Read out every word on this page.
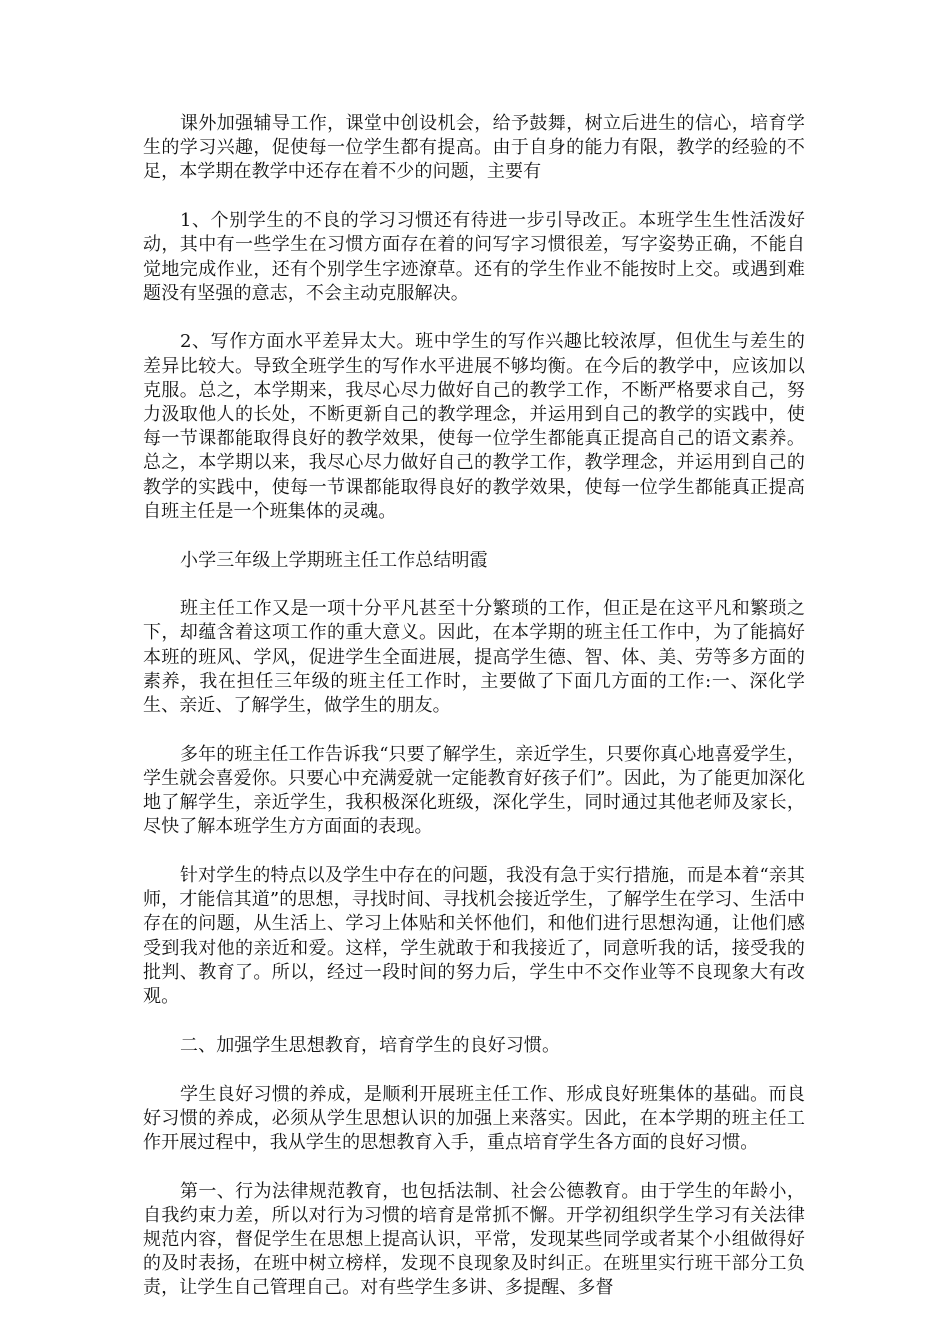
课外加强辅导工作，课堂中创设机会，给予鼓舞，树立后进生的信心，培育学生的学习兴趣，促使每一位学生都有提高。由于自身的能力有限，教学的经验的不足，本学期在教学中还存在着不少的问题，主要有

1、个别学生的不良的学习习惯还有待进一步引导改正。本班学生生性活泼好动，其中有一些学生在习惯方面存在着的问写字习惯很差，写字姿势正确，不能自觉地完成作业，还有个别学生字迹潦草。还有的学生作业不能按时上交。或遇到难题没有坚强的意志，不会主动克服解决。

2、写作方面水平差异太大。班中学生的写作兴趣比较浓厚，但优生与差生的差异比较大。导致全班学生的写作水平进展不够均衡。在今后的教学中，应该加以克服。总之，本学期来，我尽心尽力做好自己的教学工作，不断严格要求自己，努力汲取他人的长处，不断更新自己的教学理念，并运用到自己的教学的实践中，使每一节课都能取得良好的教学效果，使每一位学生都能真正提高自己的语文素养。总之，本学期以来，我尽心尽力做好自己的教学工作，教学理念，并运用到自己的教学的实践中，使每一节课都能取得良好的教学效果，使每一位学生都能真正提高自班主任是一个班集体的灵魂。

小学三年级上学期班主任工作总结明霞

班主任工作又是一项十分平凡甚至十分繁琐的工作，但正是在这平凡和繁琐之下，却蕴含着这项工作的重大意义。因此，在本学期的班主任工作中，为了能搞好本班的班风、学风，促进学生全面进展，提高学生德、智、体、美、劳等多方面的素养，我在担任三年级的班主任工作时，主要做了下面几方面的工作:一、深化学生、亲近、了解学生，做学生的朋友。

多年的班主任工作告诉我“只要了解学生，亲近学生，只要你真心地喜爱学生，学生就会喜爱你。只要心中充满爱就一定能教育好孩子们”。因此，为了能更加深化地了解学生，亲近学生，我积极深化班级，深化学生，同时通过其他老师及家长，尽快了解本班学生方方面面的表现。

针对学生的特点以及学生中存在的问题，我没有急于实行措施，而是本着“亲其师，才能信其道”的思想，寻找时间、寻找机会接近学生，了解学生在学习、生活中存在的问题，从生活上、学习上体贴和关怀他们，和他们进行思想沟通，让他们感受到我对他的亲近和爱。这样，学生就敢于和我接近了，同意听我的话，接受我的批判、教育了。所以，经过一段时间的努力后，学生中不交作业等不良现象大有改观。

二、加强学生思想教育，培育学生的良好习惯。

学生良好习惯的养成，是顺利开展班主任工作、形成良好班集体的基础。而良好习惯的养成，必须从学生思想认识的加强上来落实。因此，在本学期的班主任工作开展过程中，我从学生的思想教育入手，重点培育学生各方面的良好习惯。

第一、行为法律规范教育，也包括法制、社会公德教育。由于学生的年龄小，自我约束力差，所以对行为习惯的培育是常抓不懈。开学初组织学生学习有关法律规范内容，督促学生在思想上提高认识，平常，发现某些同学或者某个小组做得好的及时表扬，在班中树立榜样，发现不良现象及时纠正。在班里实行班干部分工负责，让学生自己管理自己。对有些学生多讲、多提醒、多督
